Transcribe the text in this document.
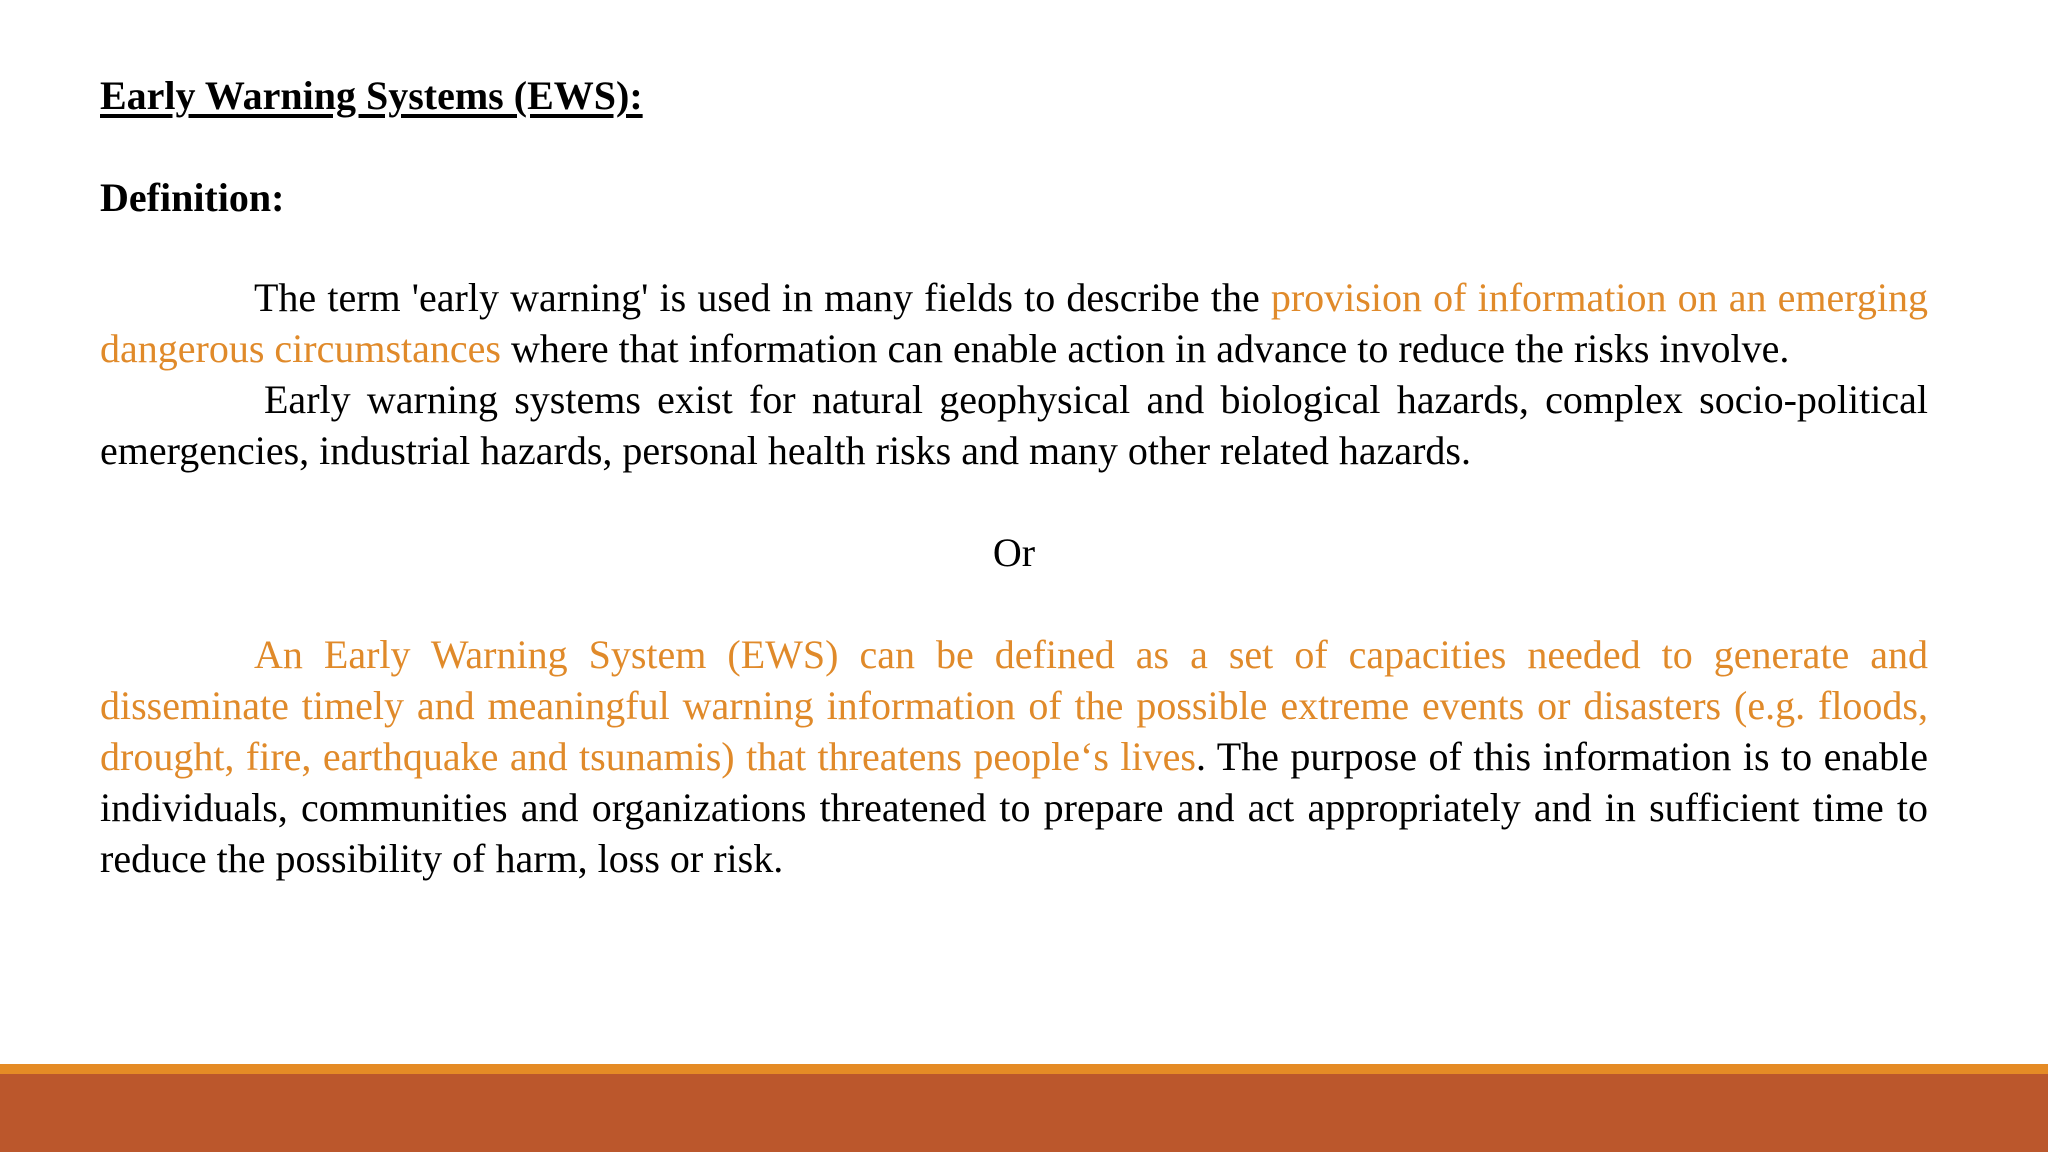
Early Warning Systems (EWS):
Definition:

The term 'early warning' is used in many fields to describe the provision of information on an emerging dangerous circumstances where that information can enable action in advance to reduce the risks involve.

Early warning systems exist for natural geophysical and biological hazards, complex socio-political emergencies, industrial hazards, personal health risks and many other related hazards.

Or

An Early Warning System (EWS) can be defined as a set of capacities needed to generate and disseminate timely and meaningful warning information of the possible extreme events or disasters (e.g. floods, drought, fire, earthquake and tsunamis) that threatens people‘s lives. The purpose of this information is to enable individuals, communities and organizations threatened to prepare and act appropriately and in sufficient time to reduce the possibility of harm, loss or risk.
